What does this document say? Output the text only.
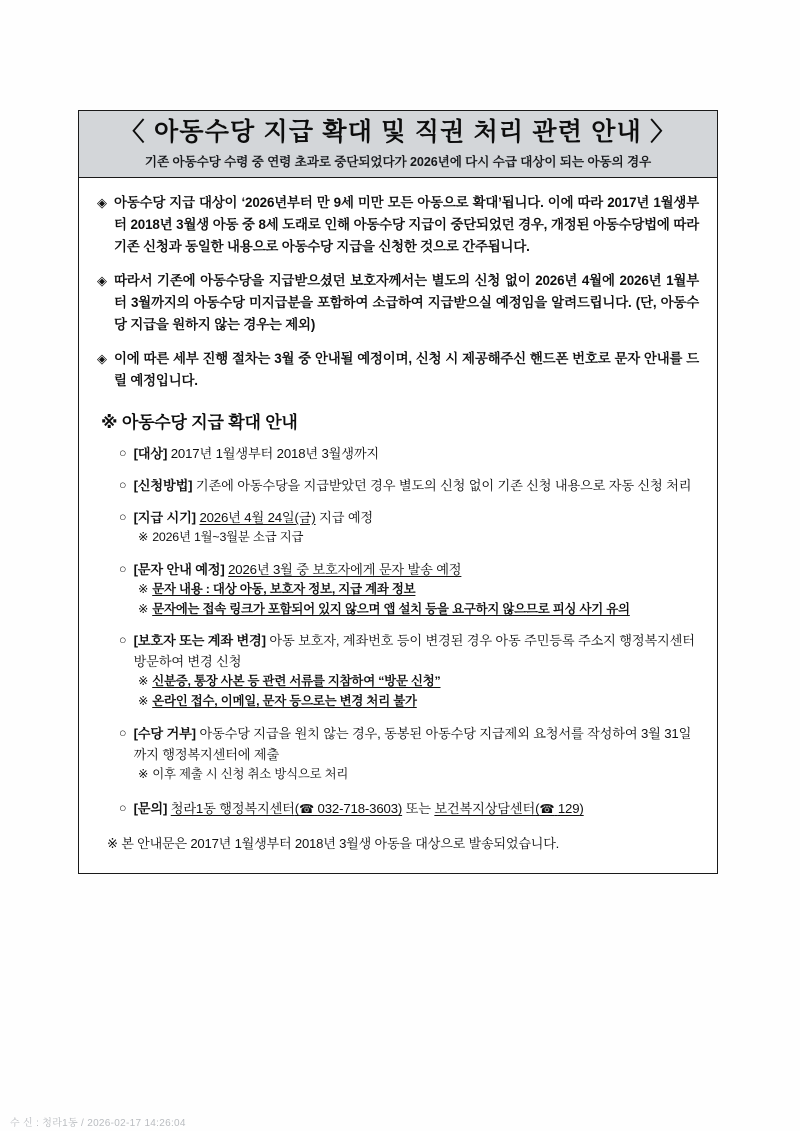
〈 아동수당 지급 확대 및 직권 처리 관련 안내 〉
기존 아동수당 수령 중 연령 초과로 중단되었다가 2026년에 다시 수급 대상이 되는 아동의 경우
◈ 아동수당 지급 대상이 ‘2026년부터 만 9세 미만 모든 아동으로 확대’됩니다. 이에 따라 2017년 1월생부터 2018년 3월생 아동 중 8세 도래로 인해 아동수당 지급이 중단되었던 경우, 개정된 아동수당법에 따라 기존 신청과 동일한 내용으로 아동수당 지급을 신청한 것으로 간주됩니다.
◈ 따라서 기존에 아동수당을 지급받으셨던 보호자께서는 별도의 신청 없이 2026년 4월에 2026년 1월부터 3월까지의 아동수당 미지급분을 포함하여 소급하여 지급받으실 예정임을 알려드립니다. (단, 아동수당 지급을 원하지 않는 경우는 제외)
◈ 이에 따른 세부 진행 절차는 3월 중 안내될 예정이며, 신청 시 제공해주신 핸드폰 번호로 문자 안내를 드릴 예정입니다.
※ 아동수당 지급 확대 안내
○ [대상] 2017년 1월생부터 2018년 3월생까지
○ [신청방법] 기존에 아동수당을 지급받았던 경우 별도의 신청 없이 기존 신청 내용으로 자동 신청 처리
○ [지급 시기] 2026년 4월 24일(금) 지급 예정
※ 2026년 1월~3월분 소급 지급
○ [문자 안내 예정] 2026년 3월 중 보호자에게 문자 발송 예정
※ 문자 내용 : 대상 아동, 보호자 정보, 지급 계좌 정보
※ 문자에는 접속 링크가 포함되어 있지 않으며 앱 설치 등을 요구하지 않으므로 피싱 사기 유의
○ [보호자 또는 계좌 변경] 아동 보호자, 계좌번호 등이 변경된 경우 아동 주민등록 주소지 행정복지센터 방문하여 변경 신청
※ 신분증, 통장 사본 등 관련 서류를 지참하여 “방문 신청”
※ 온라인 접수, 이메일, 문자 등으로는 변경 처리 불가
○ [수당 거부] 아동수당 지급을 원치 않는 경우, 동봉된 아동수당 지급제외 요청서를 작성하여 3월 31일까지 행정복지센터에 제출
※ 이후 제출 시 신청 취소 방식으로 처리
○ [문의] 청라1동 행정복지센터(☎ 032-718-3603) 또는 보건복지상담센터(☎ 129)
※ 본 안내문은 2017년 1월생부터 2018년 3월생 아동을 대상으로 발송되었습니다.
수 신 : 청라1동 / 2026-02-17 14:26:04
